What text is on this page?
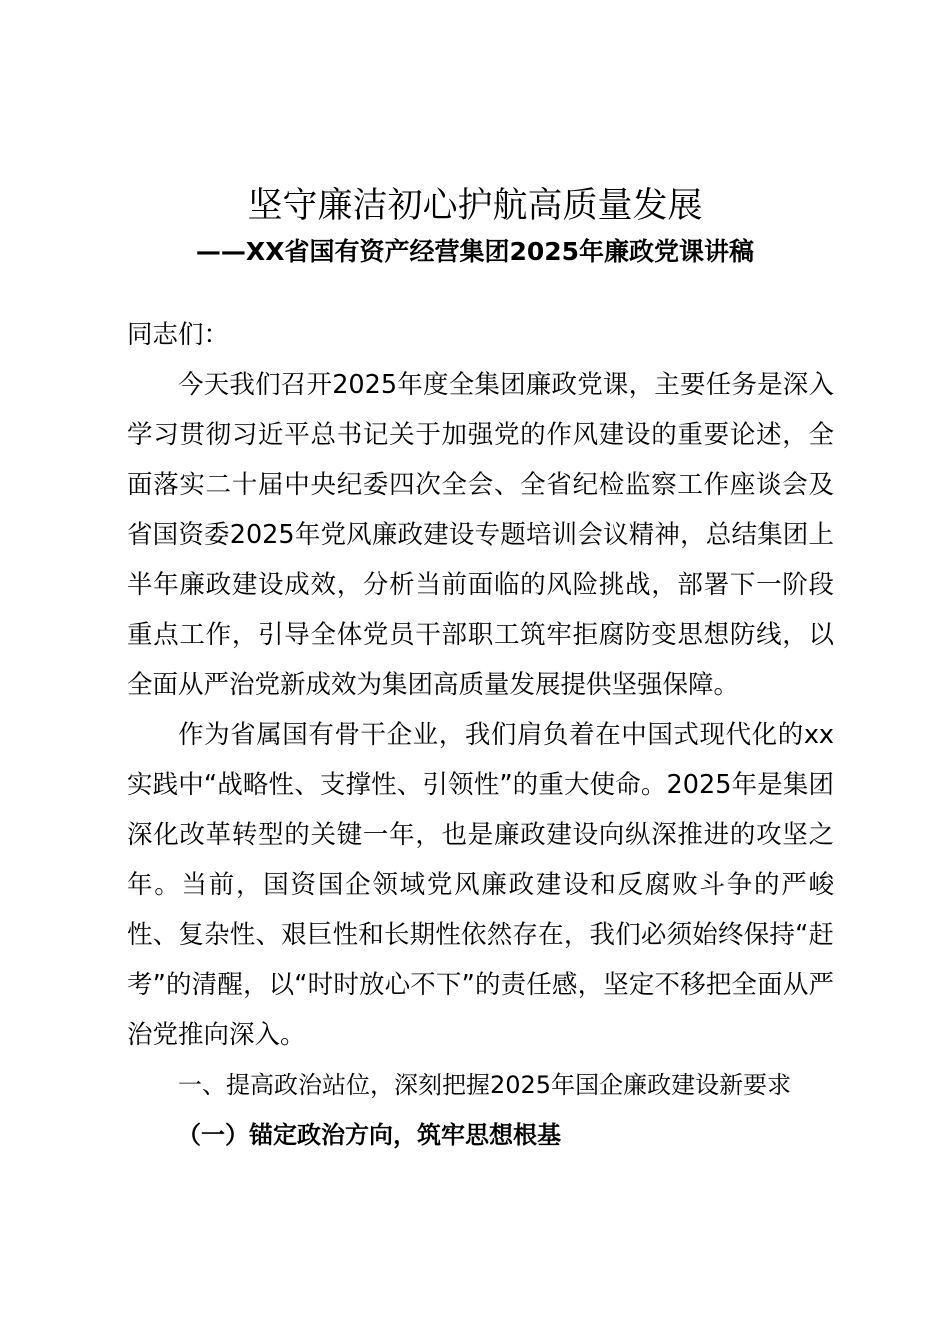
坚守廉洁初心护航高质量发展
——XX省国有资产经营集团2025年廉政党课讲稿

同志们：

今天我们召开2025年度全集团廉政党课，主要任务是深入学习贯彻习近平总书记关于加强党的作风建设的重要论述，全面落实二十届中央纪委四次全会、全省纪检监察工作座谈会及省国资委2025年党风廉政建设专题培训会议精神，总结集团上半年廉政建设成效，分析当前面临的风险挑战，部署下一阶段重点工作，引导全体党员干部职工筑牢拒腐防变思想防线，以全面从严治党新成效为集团高质量发展提供坚强保障。

作为省属国有骨干企业，我们肩负着在中国式现代化的xx实践中“战略性、支撑性、引领性”的重大使命。2025年是集团深化改革转型的关键一年，也是廉政建设向纵深推进的攻坚之年。当前，国资国企领域党风廉政建设和反腐败斗争的严峻性、复杂性、艰巨性和长期性依然存在，我们必须始终保持“赶考”的清醒，以“时时放心不下”的责任感，坚定不移把全面从严治党推向深入。

一、提高政治站位，深刻把握2025年国企廉政建设新要求

（一）锚定政治方向，筑牢思想根基
